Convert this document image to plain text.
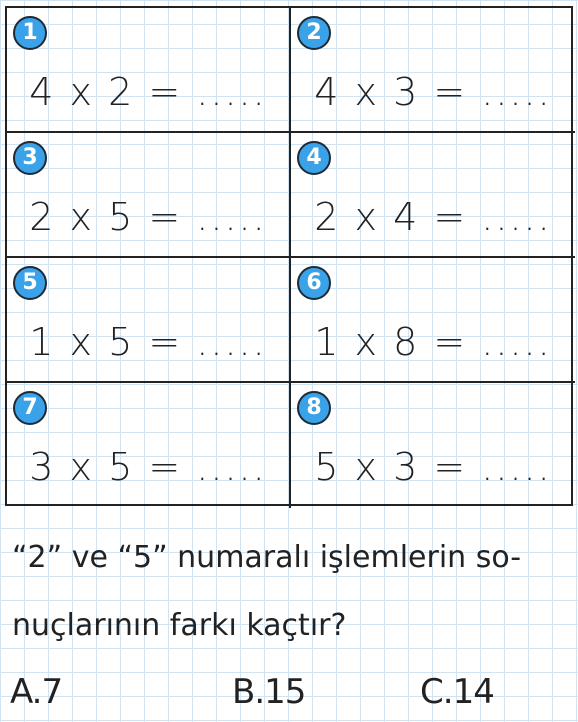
1
4 x 2 = .....
2
4 x 3 = .....
3
2 x 5 = .....
4
2 x 4 = .....
5
1 x 5 = .....
6
1 x 8 = .....
7
3 x 5 = .....
8
5 x 3 = .....
“2” ve “5” numaralı işlemlerin so-
nuçlarının farkı kaçtır?
A.7	B.15	C.14
